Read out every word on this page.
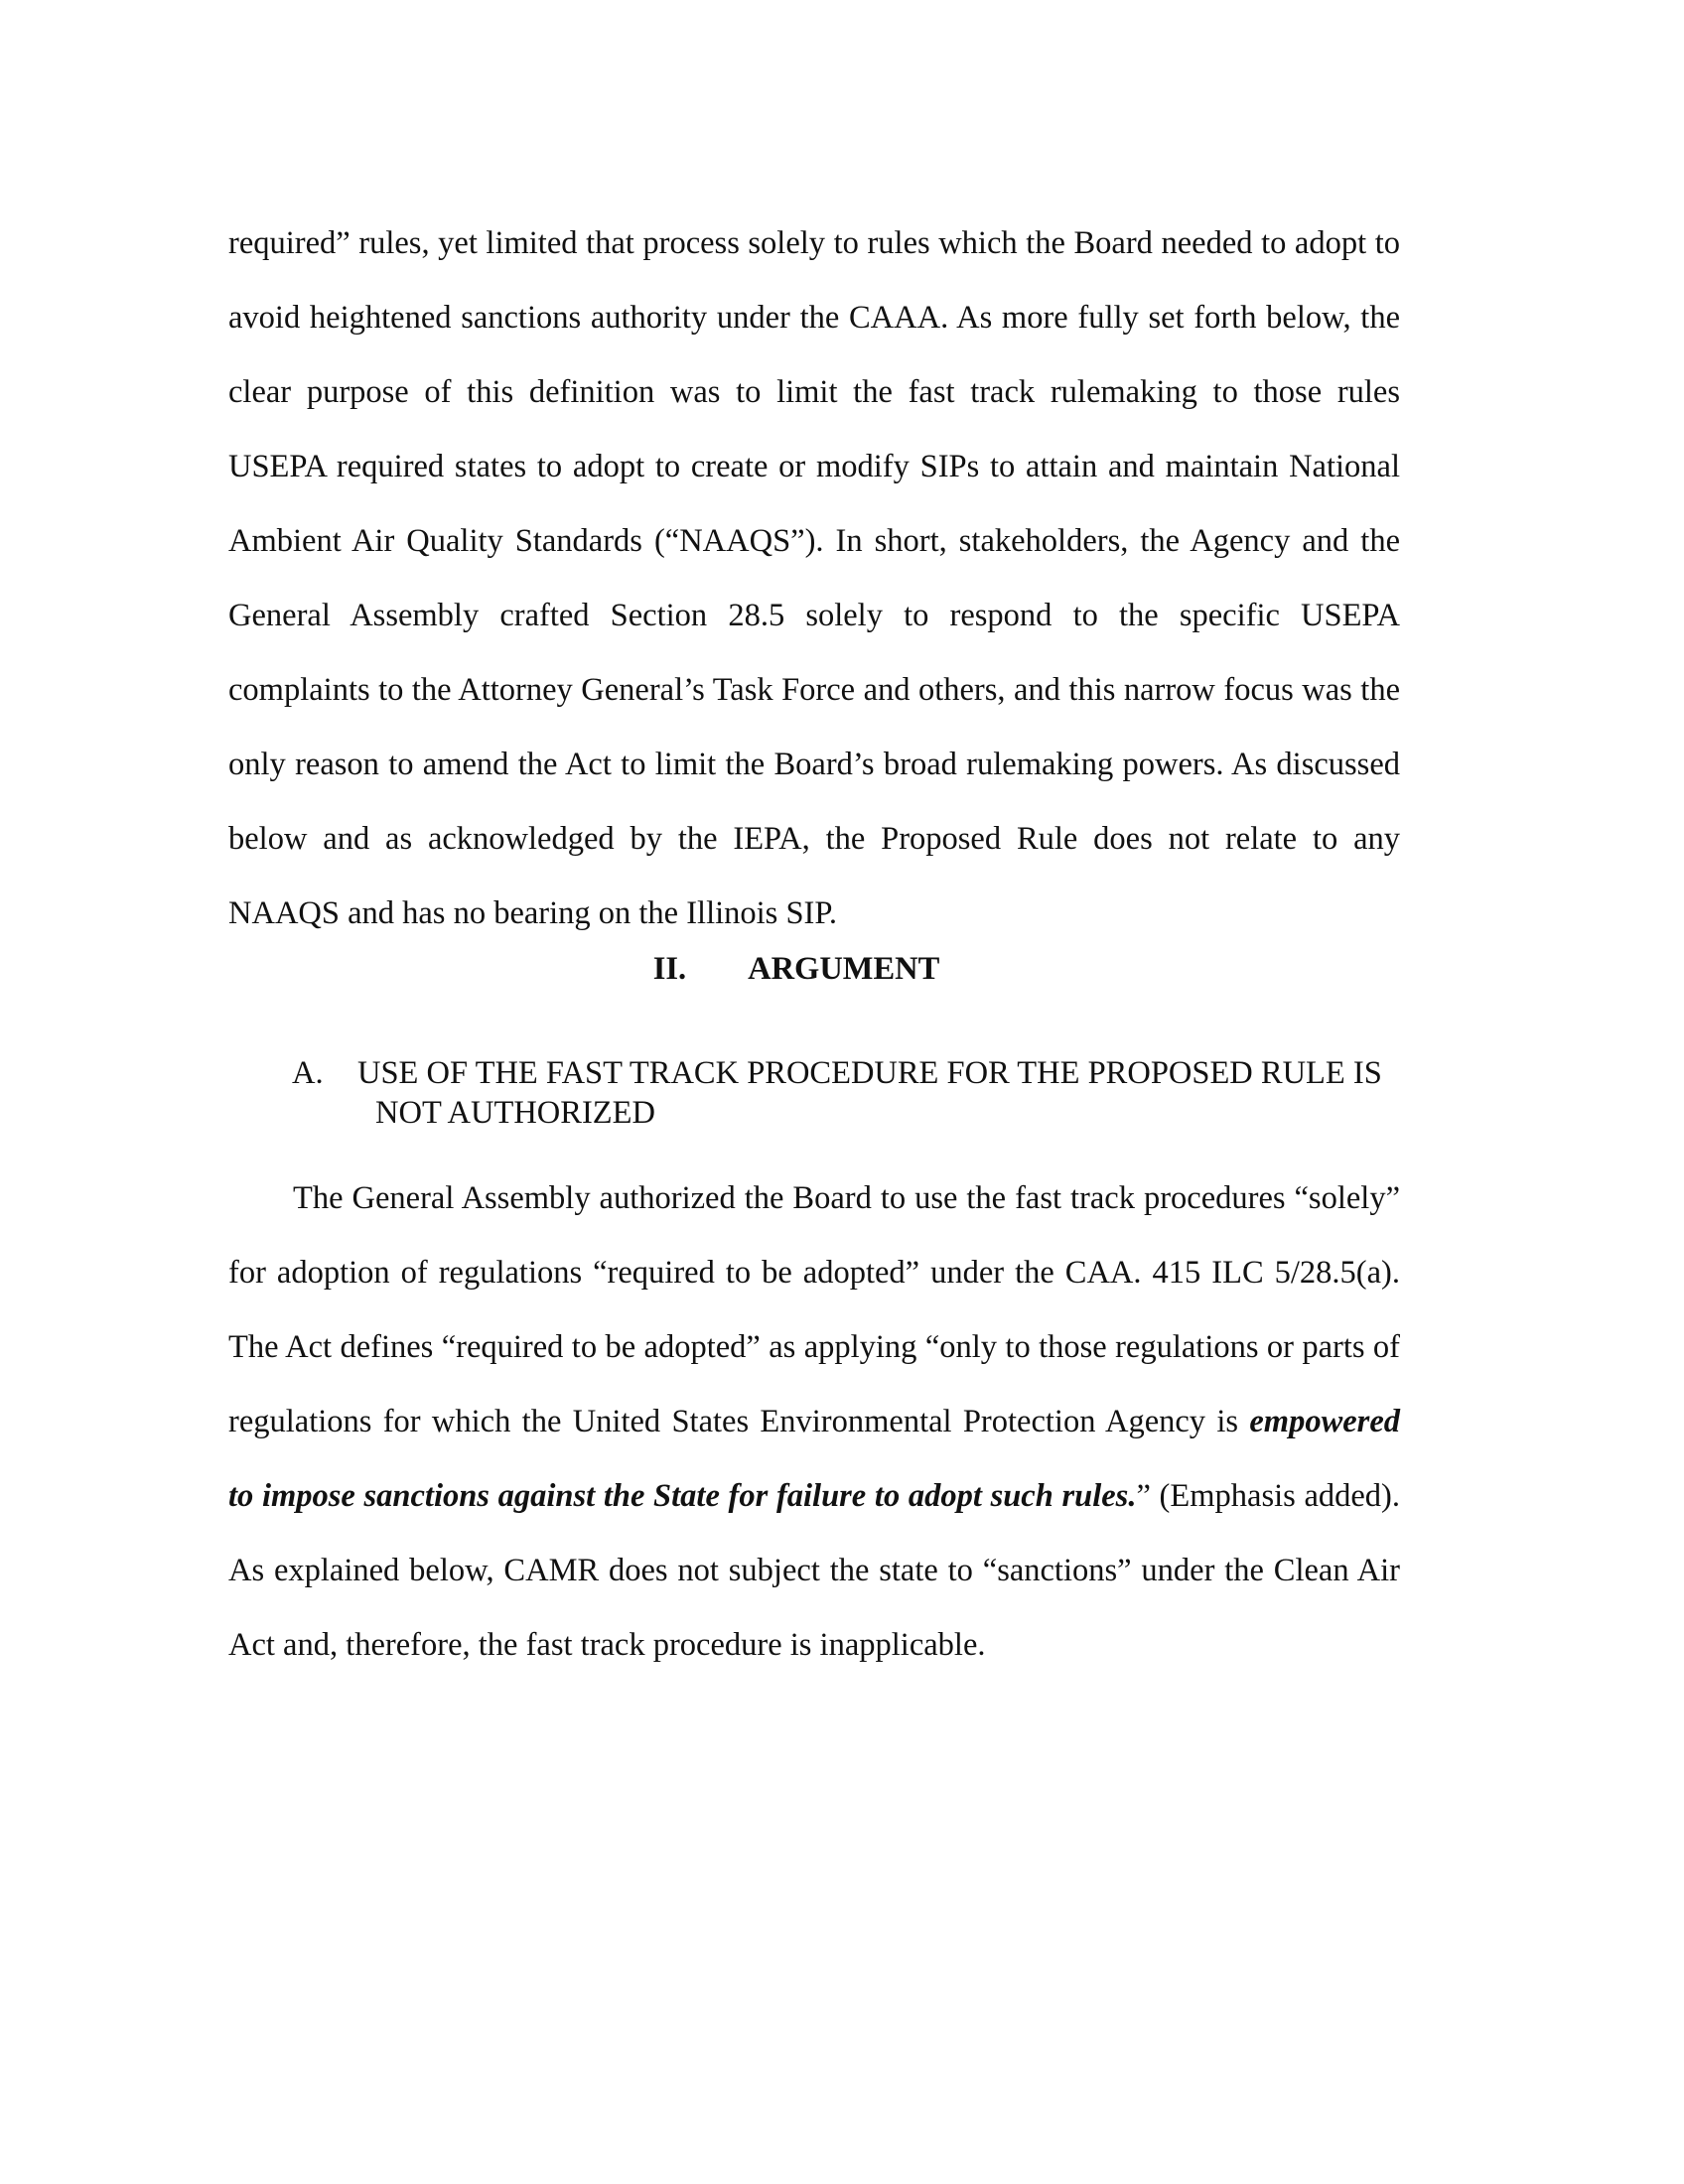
required” rules, yet limited that process solely to rules which the Board needed to adopt to avoid heightened sanctions authority under the CAAA. As more fully set forth below, the clear purpose of this definition was to limit the fast track rulemaking to those rules USEPA required states to adopt to create or modify SIPs to attain and maintain National Ambient Air Quality Standards (“NAAQS”). In short, stakeholders, the Agency and the General Assembly crafted Section 28.5 solely to respond to the specific USEPA complaints to the Attorney General’s Task Force and others, and this narrow focus was the only reason to amend the Act to limit the Board’s broad rulemaking powers. As discussed below and as acknowledged by the IEPA, the Proposed Rule does not relate to any NAAQS and has no bearing on the Illinois SIP.

II. ARGUMENT
A. USE OF THE FAST TRACK PROCEDURE FOR THE PROPOSED RULE IS
NOT AUTHORIZED

The General Assembly authorized the Board to use the fast track procedures “solely” for adoption of regulations “required to be adopted” under the CAA. 415 ILC 5/28.5(a). The Act defines “required to be adopted” as applying “only to those regulations or parts of regulations for which the United States Environmental Protection Agency is empowered to impose sanctions against the State for failure to adopt such rules.” (Emphasis added). As explained below, CAMR does not subject the state to “sanctions” under the Clean Air Act and, therefore, the fast track procedure is inapplicable.
